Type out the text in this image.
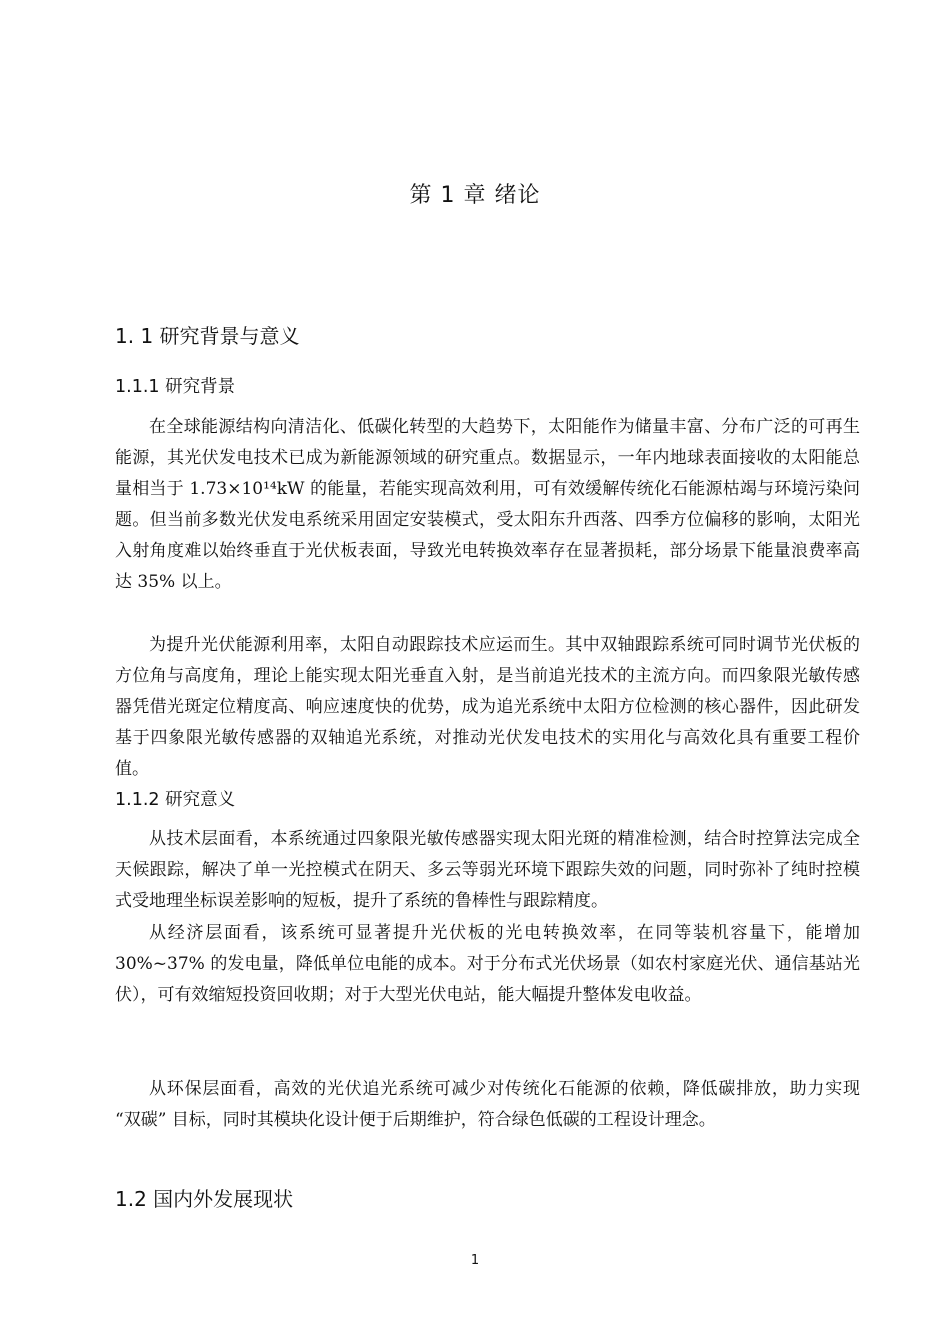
第 1 章 绪论
1. 1 研究背景与意义
1.1.1 研究背景

在全球能源结构向清洁化、低碳化转型的大趋势下，太阳能作为储量丰富、分布广泛的可再生能源，其光伏发电技术已成为新能源领域的研究重点。数据显示，一年内地球表面接收的太阳能总量相当于 1.73×10¹⁴kW 的能量，若能实现高效利用，可有效缓解传统化石能源枯竭与环境污染问题。但当前多数光伏发电系统采用固定安装模式，受太阳东升西落、四季方位偏移的影响，太阳光入射角度难以始终垂直于光伏板表面，导致光电转换效率存在显著损耗，部分场景下能量浪费率高达 35% 以上。

为提升光伏能源利用率，太阳自动跟踪技术应运而生。其中双轴跟踪系统可同时调节光伏板的方位角与高度角，理论上能实现太阳光垂直入射，是当前追光技术的主流方向。而四象限光敏传感器凭借光斑定位精度高、响应速度快的优势，成为追光系统中太阳方位检测的核心器件，因此研发基于四象限光敏传感器的双轴追光系统，对推动光伏发电技术的实用化与高效化具有重要工程价值。

1.1.2 研究意义

从技术层面看，本系统通过四象限光敏传感器实现太阳光斑的精准检测，结合时控算法完成全天候跟踪，解决了单一光控模式在阴天、多云等弱光环境下跟踪失效的问题，同时弥补了纯时控模式受地理坐标误差影响的短板，提升了系统的鲁棒性与跟踪精度。

从经济层面看，该系统可显著提升光伏板的光电转换效率，在同等装机容量下，能增加 30%~37% 的发电量，降低单位电能的成本。对于分布式光伏场景（如农村家庭光伏、通信基站光伏），可有效缩短投资回收期；对于大型光伏电站，能大幅提升整体发电收益。

从环保层面看，高效的光伏追光系统可减少对传统化石能源的依赖，降低碳排放，助力实现 “双碳” 目标，同时其模块化设计便于后期维护，符合绿色低碳的工程设计理念。

1.2 国内外发展现状
1
